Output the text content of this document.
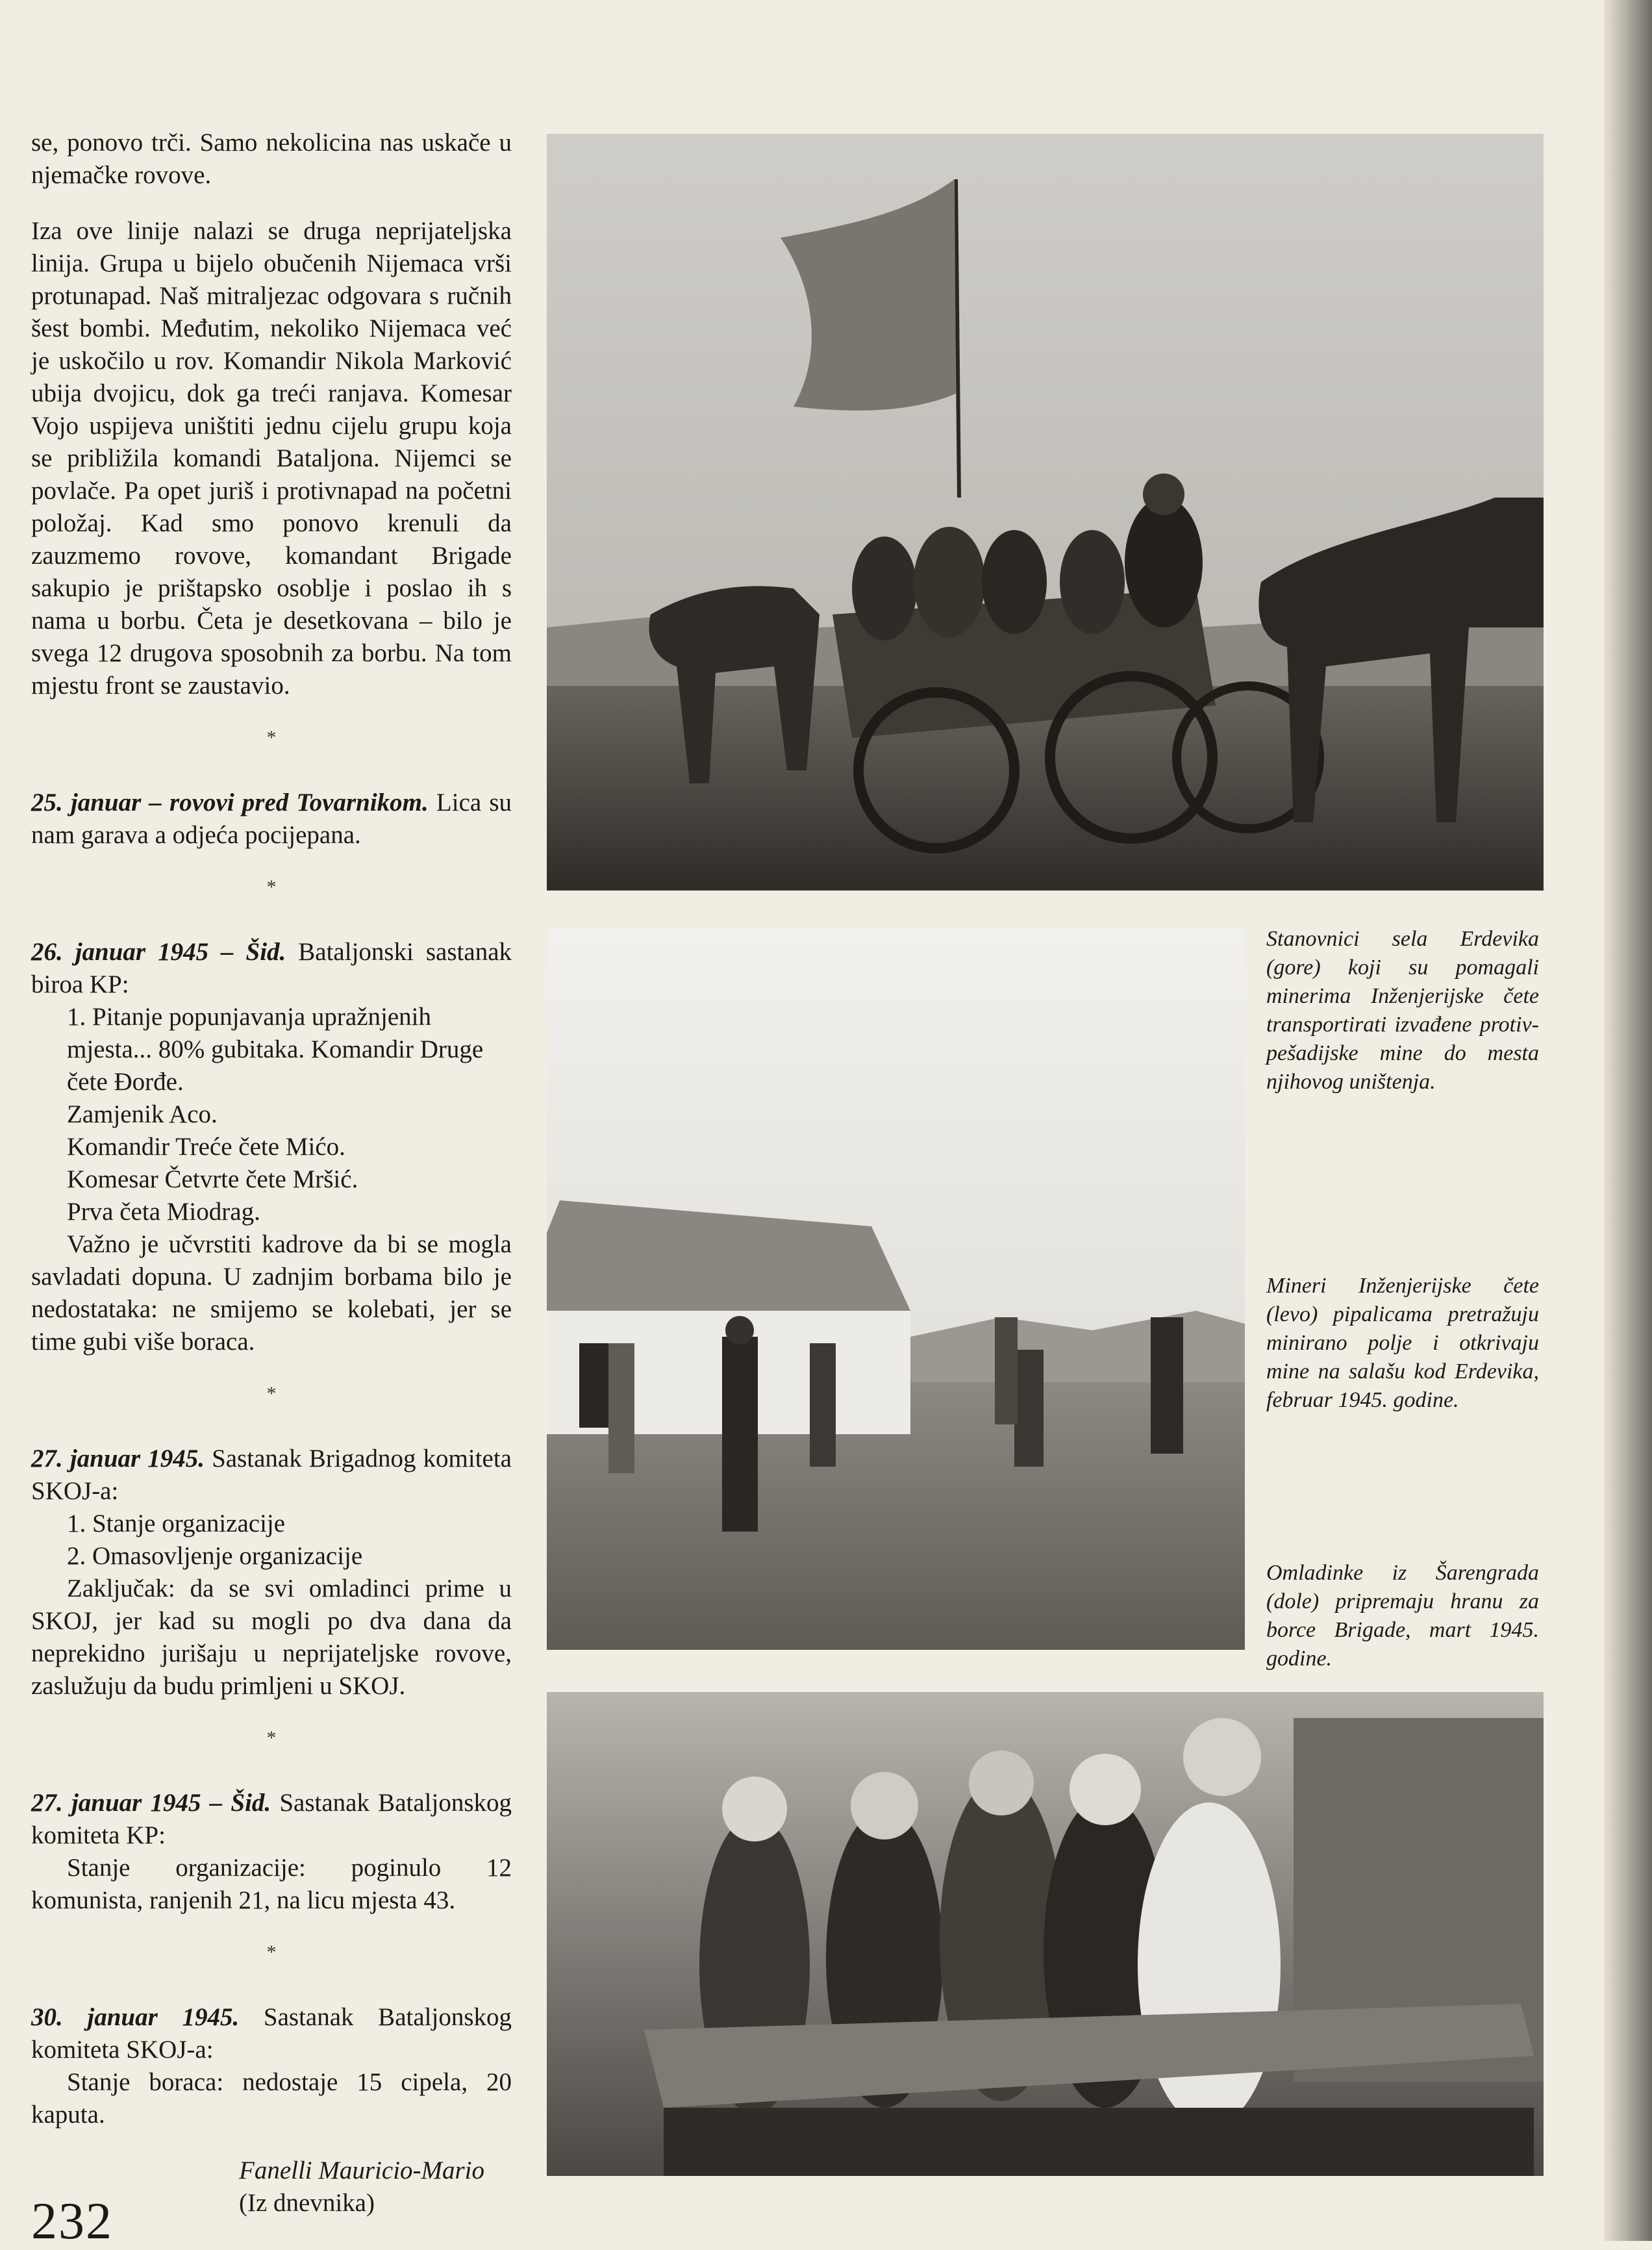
se, ponovo trči. Samo nekolicina nas uskače u njemačke rovove.

Iza ove linije nalazi se druga neprijateljska linija. Grupa u bijelo obučenih Nijemaca vrši protunapad. Naš mitraljezac odgovara s ručnih šest bombi. Međutim, nekoliko Nijemaca već je uskočilo u rov. Komandir Nikola Marković ubija dvojicu, dok ga treći ranjava. Komesar Vojo uspijeva uništiti jednu cijelu grupu koja se približila komandi Bataljona. Nijemci se povlače. Pa opet juriš i protivnapad na početni položaj. Kad smo ponovo krenuli da zauzmemo rovove, komandant Brigade sakupio je prištapsko osoblje i poslao ih s nama u borbu. Četa je desetkovana – bilo je svega 12 drugova sposobnih za borbu. Na tom mjestu front se zaustavio.

*

25. januar – rovovi pred Tovarnikom. Lica su nam garava a odjeća pocijepana.

*

26. januar 1945 – Šid. Bataljonski sastanak biroa KP:

1. Pitanje popunjavanja upražnjenih mjesta... 80% gubitaka. Komandir Druge čete Đorđe.
Zamjenik Aco.
Komandir Treće čete Mićo.
Komesar Četvrte čete Mršić.
Prva četa Miodrag.

Važno je učvrstiti kadrove da bi se mogla savladati dopuna. U zadnjim borbama bilo je nedostataka: ne smijemo se kolebati, jer se time gubi više boraca.

*

27. januar 1945. Sastanak Brigadnog komiteta SKOJ-a:

1. Stanje organizacije
2. Omasovljenje organizacije

Zaključak: da se svi omladinci prime u SKOJ, jer kad su mogli po dva dana da neprekidno jurišaju u neprijateljske rovove, zaslužuju da budu primljeni u SKOJ.

*

27. januar 1945 – Šid. Sastanak Bataljonskog komiteta KP:

Stanje organizacije: poginulo 12 komunista, ranjenih 21, na licu mjesta 43.

*

30. januar 1945. Sastanak Bataljonskog komiteta SKOJ-a:

Stanje boraca: nedostaje 15 cipela, 20 kaputa.

Fanelli Mauricio-Mario
(Iz dnevnika)
232
Stanovnici sela Erdevika (gore) koji su pomagali minerima Inženjerijske čete transportirati izvađene protiv-pešadijske mine do mesta njihovog uništenja.
Mineri Inženjerijske čete (levo) pipalicama pretražuju minirano polje i otkrivaju mine na salašu kod Erdevika, februar 1945. godine.
Omladinke iz Šarengrada (dole) pripremaju hranu za borce Brigade, mart 1945. godine.
